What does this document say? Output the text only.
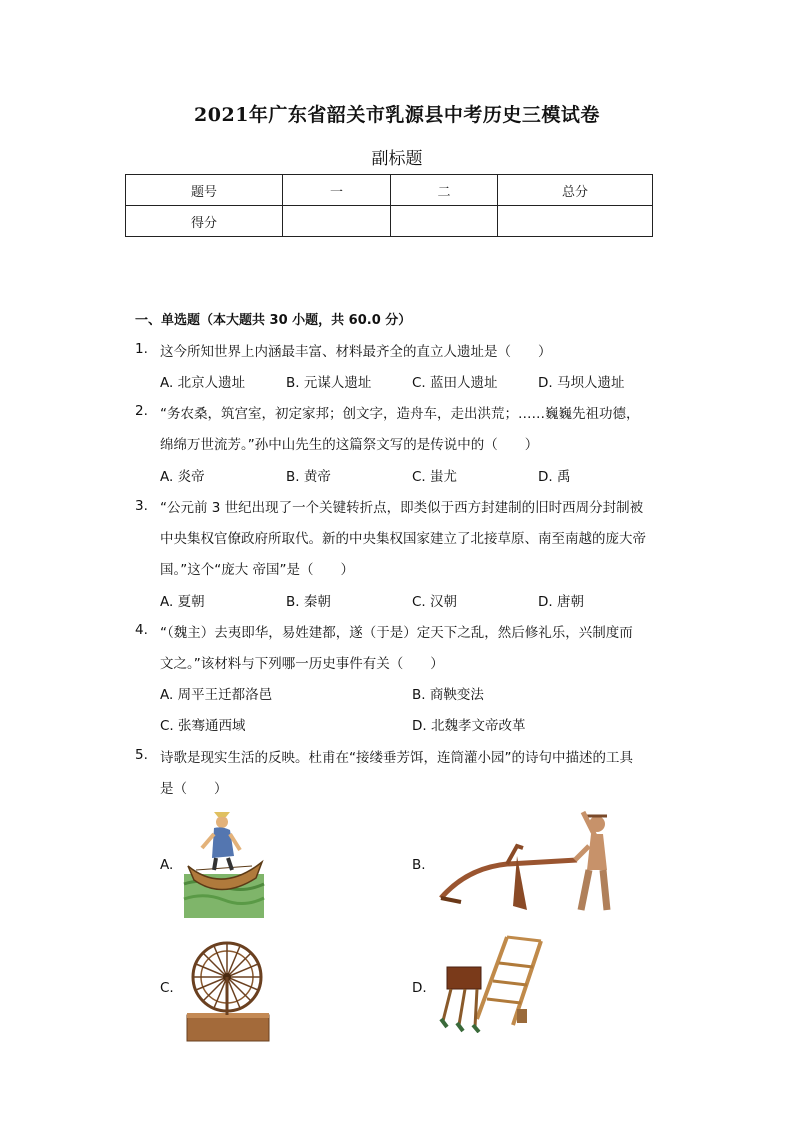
2021年广东省韶关市乳源县中考历史三模试卷
副标题
题号	一	二	总分
得分			
一、单选题（本大题共 30 小题，共 60.0 分）
1. 这今所知世界上内涵最丰富、材料最齐全的直立人遗址是（　　）
A. 北京人遗址	B. 元谋人遗址	C. 蓝田人遗址	D. 马坝人遗址
2. “务农桑，筑宫室，初定家邦；创文字，造舟车，走出洪荒；……巍巍先祖功德，
绵绵万世流芳。”孙中山先生的这篇祭文写的是传说中的（　　）
A. 炎帝	B. 黄帝	C. 蚩尤	D. 禹
3. “公元前 3 世纪出现了一个关键转折点，即类似于西方封建制的旧时西周分封制被
中央集权官僚政府所取代。新的中央集权国家建立了北接草原、南至南越的庞大帝
国。”这个“庞大 帝国”是（　　）
A. 夏朝	B. 秦朝	C. 汉朝	D. 唐朝
4. “（魏主）去夷即华，易姓建都，遂（于是）定天下之乱，然后修礼乐，兴制度而
文之。”该材料与下列哪一历史事件有关（　　）
A. 周平王迁都洛邑	B. 商鞅变法
C. 张骞通西域	D. 北魏孝文帝改革
5. 诗歌是现实生活的反映。杜甫在“接缕垂芳饵，连筒灌小园”的诗句中描述的工具
是（　　）
A.	B.
C.	D.
